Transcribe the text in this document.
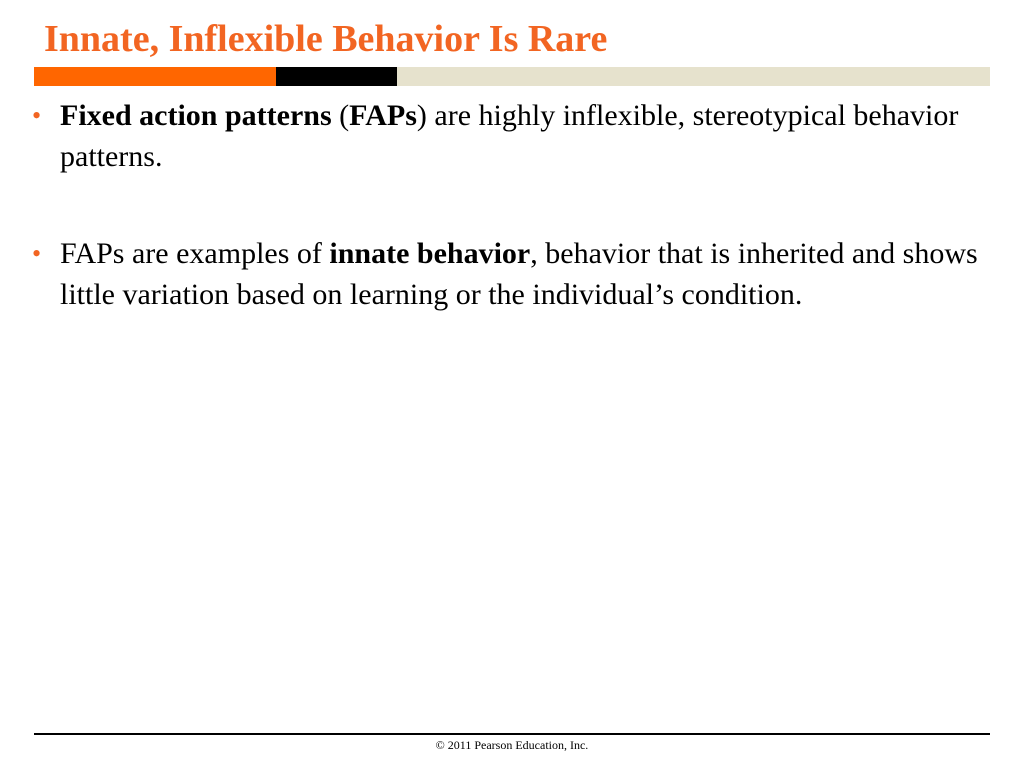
Innate, Inflexible Behavior Is Rare
• Fixed action patterns (FAPs) are highly inflexible, stereotypical behavior patterns.
• FAPs are examples of innate behavior, behavior that is inherited and shows little variation based on learning or the individual’s condition.
© 2011 Pearson Education, Inc.
